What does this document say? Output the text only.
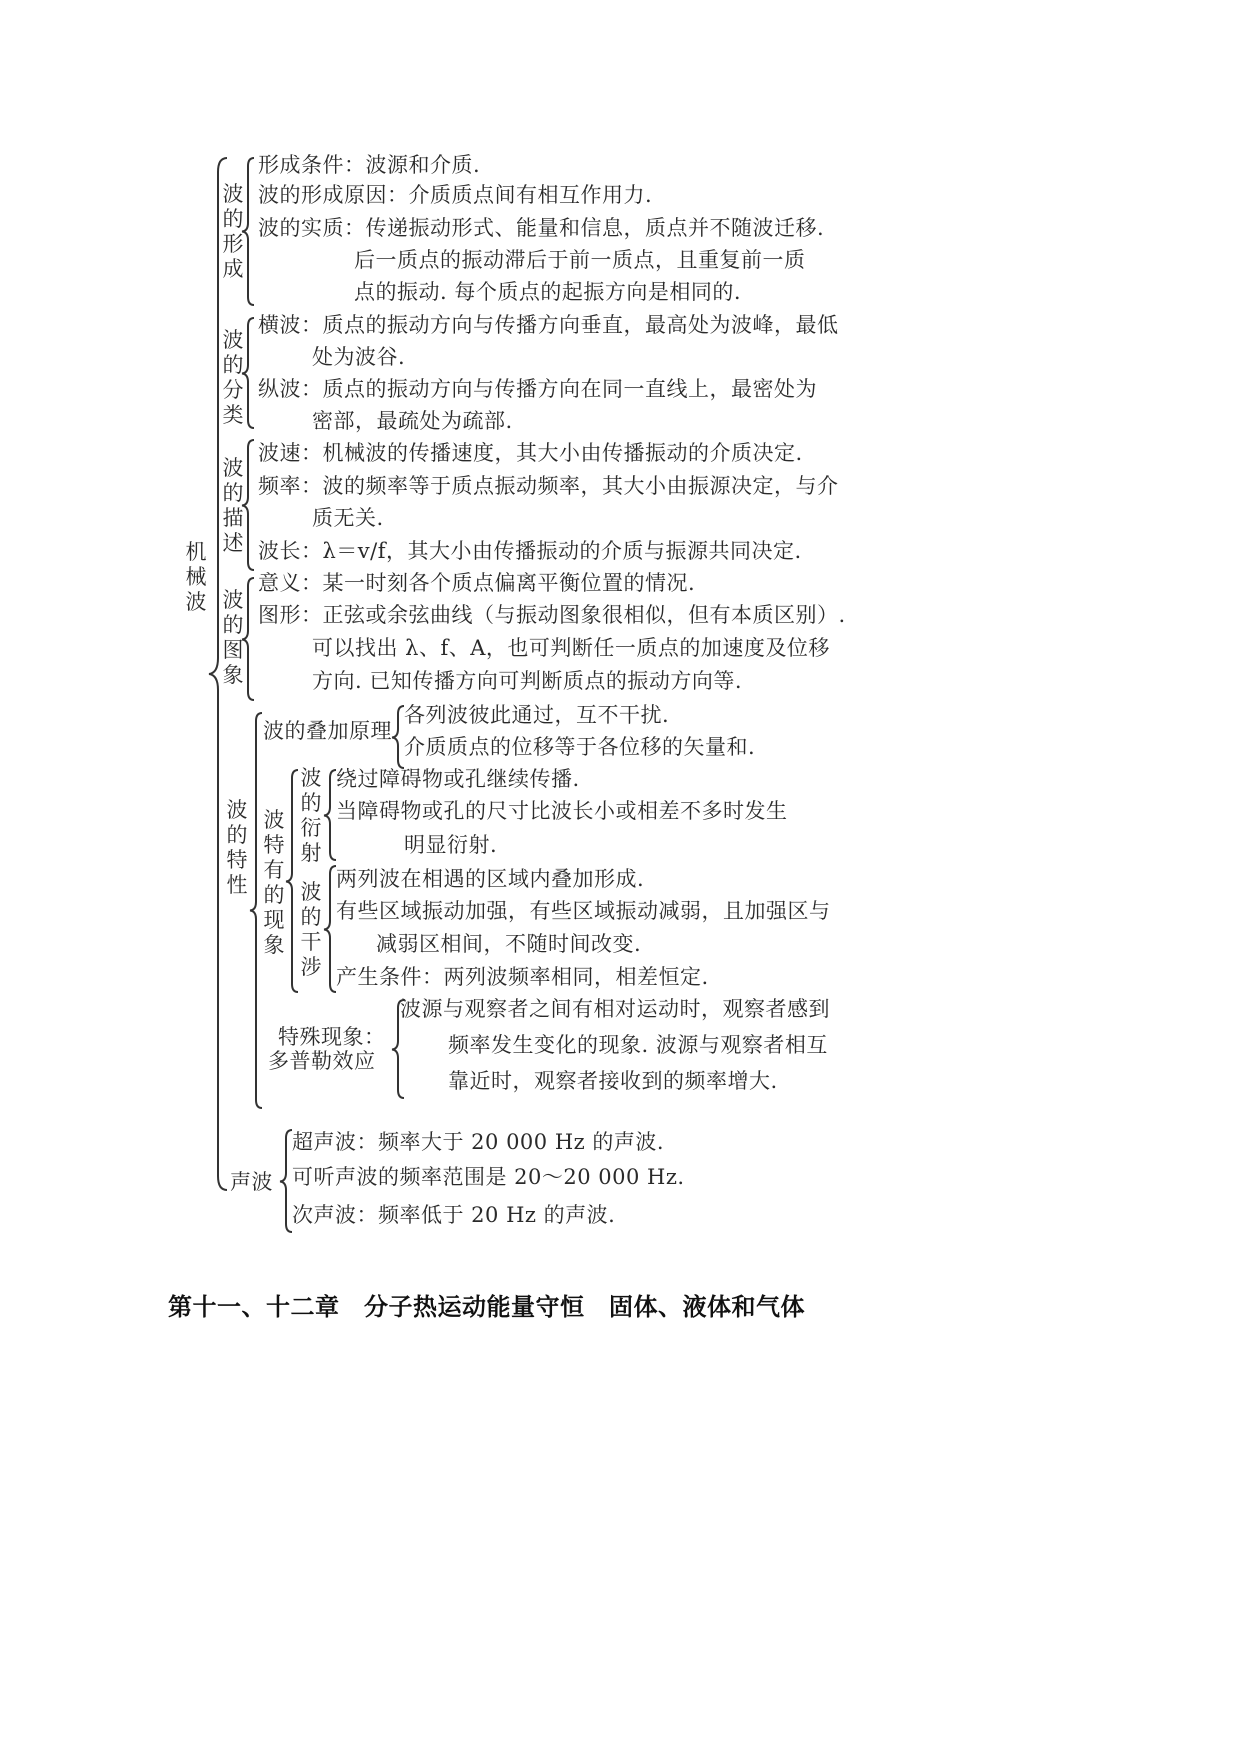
机械波
波的形成
波的分类
波的描述
波的图象
波的特性
波的叠加原理
波特有的现象
波的衍射
波的干涉
特殊现象：
多普勒效应
声波
形成条件：波源和介质.
波的形成原因：介质质点间有相互作用力.
波的实质：传递振动形式、能量和信息，质点并不随波迁移.
后一质点的振动滞后于前一质点，且重复前一质
点的振动. 每个质点的起振方向是相同的.
横波：质点的振动方向与传播方向垂直，最高处为波峰，最低
处为波谷.
纵波：质点的振动方向与传播方向在同一直线上，最密处为
密部，最疏处为疏部.
波速：机械波的传播速度，其大小由传播振动的介质决定.
频率：波的频率等于质点振动频率，其大小由振源决定，与介
质无关.
波长：λ＝v/f，其大小由传播振动的介质与振源共同决定.
意义：某一时刻各个质点偏离平衡位置的情况.
图形：正弦或余弦曲线（与振动图象很相似，但有本质区别）.
可以找出 λ、f、A，也可判断任一质点的加速度及位移
方向. 已知传播方向可判断质点的振动方向等.
各列波彼此通过，互不干扰.
介质质点的位移等于各位移的矢量和.
绕过障碍物或孔继续传播.
当障碍物或孔的尺寸比波长小或相差不多时发生
明显衍射.
两列波在相遇的区域内叠加形成.
有些区域振动加强，有些区域振动减弱，且加强区与
减弱区相间，不随时间改变.
产生条件：两列波频率相同，相差恒定.
波源与观察者之间有相对运动时，观察者感到
频率发生变化的现象. 波源与观察者相互
靠近时，观察者接收到的频率增大.
超声波：频率大于 20 000 Hz 的声波.
可听声波的频率范围是 20～20 000 Hz.
次声波：频率低于 20 Hz 的声波.
第十一、十二章　分子热运动能量守恒　固体、液体和气体
